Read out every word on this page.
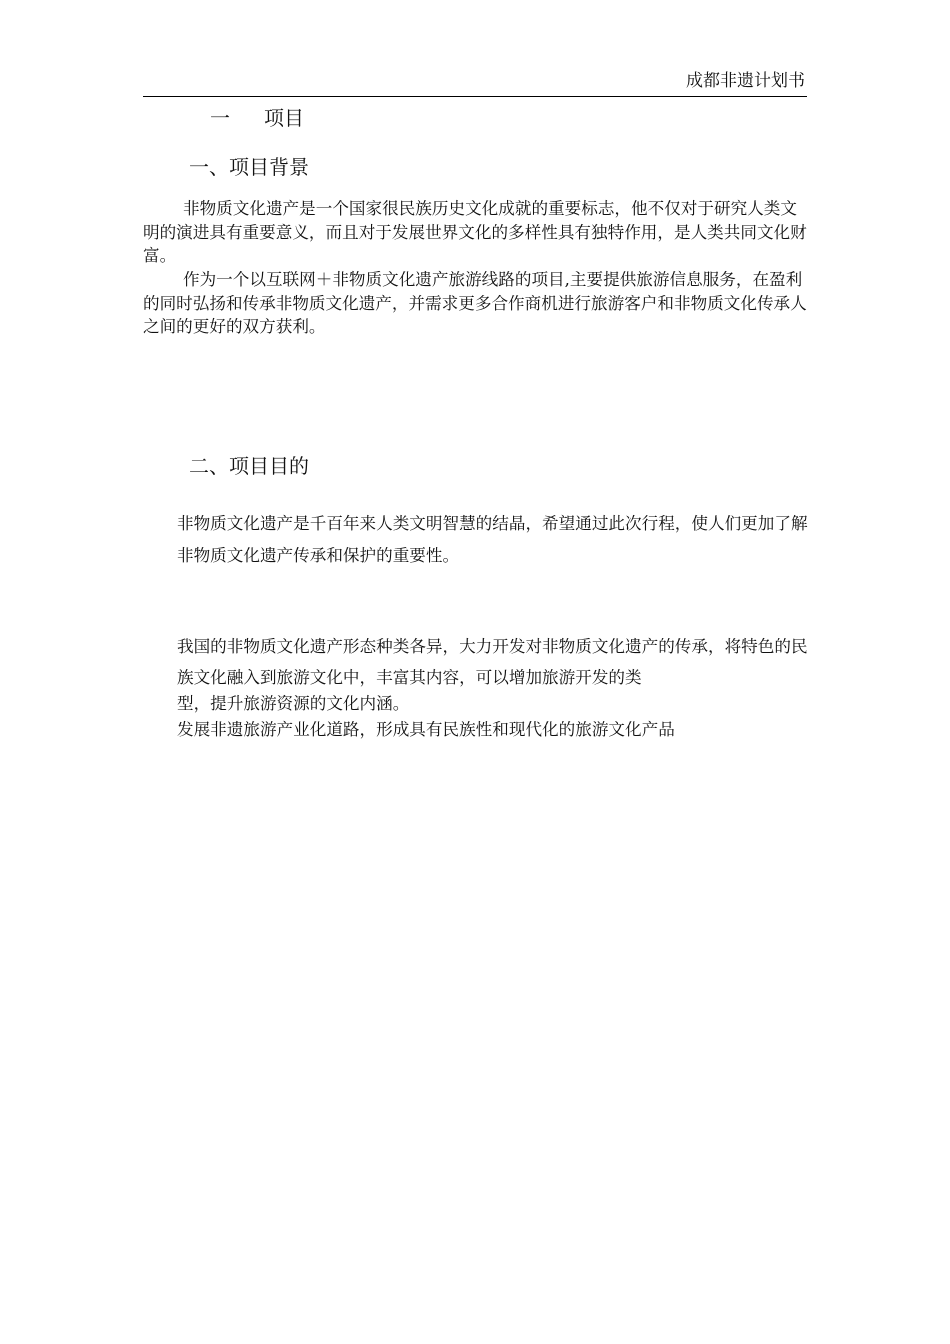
成都非遗计划书
一 项目
一、项目背景

非物质文化遗产是一个国家很民族历史文化成就的重要标志，他不仅对于研究人类文明的演进具有重要意义，而且对于发展世界文化的多样性具有独特作用，是人类共同文化财富。

作为一个以互联网＋非物质文化遗产旅游线路的项目,主要提供旅游信息服务，在盈利的同时弘扬和传承非物质文化遗产，并需求更多合作商机进行旅游客户和非物质文化传承人之间的更好的双方获利。

二、项目目的

非物质文化遗产是千百年来人类文明智慧的结晶，希望通过此次行程，使人们更加了解非物质文化遗产传承和保护的重要性。

我国的非物质文化遗产形态种类各异，大力开发对非物质文化遗产的传承，将特色的民族文化融入到旅游文化中，丰富其内容，可以增加旅游开发的类

型，提升旅游资源的文化内涵。

发展非遗旅游产业化道路，形成具有民族性和现代化的旅游文化产品
